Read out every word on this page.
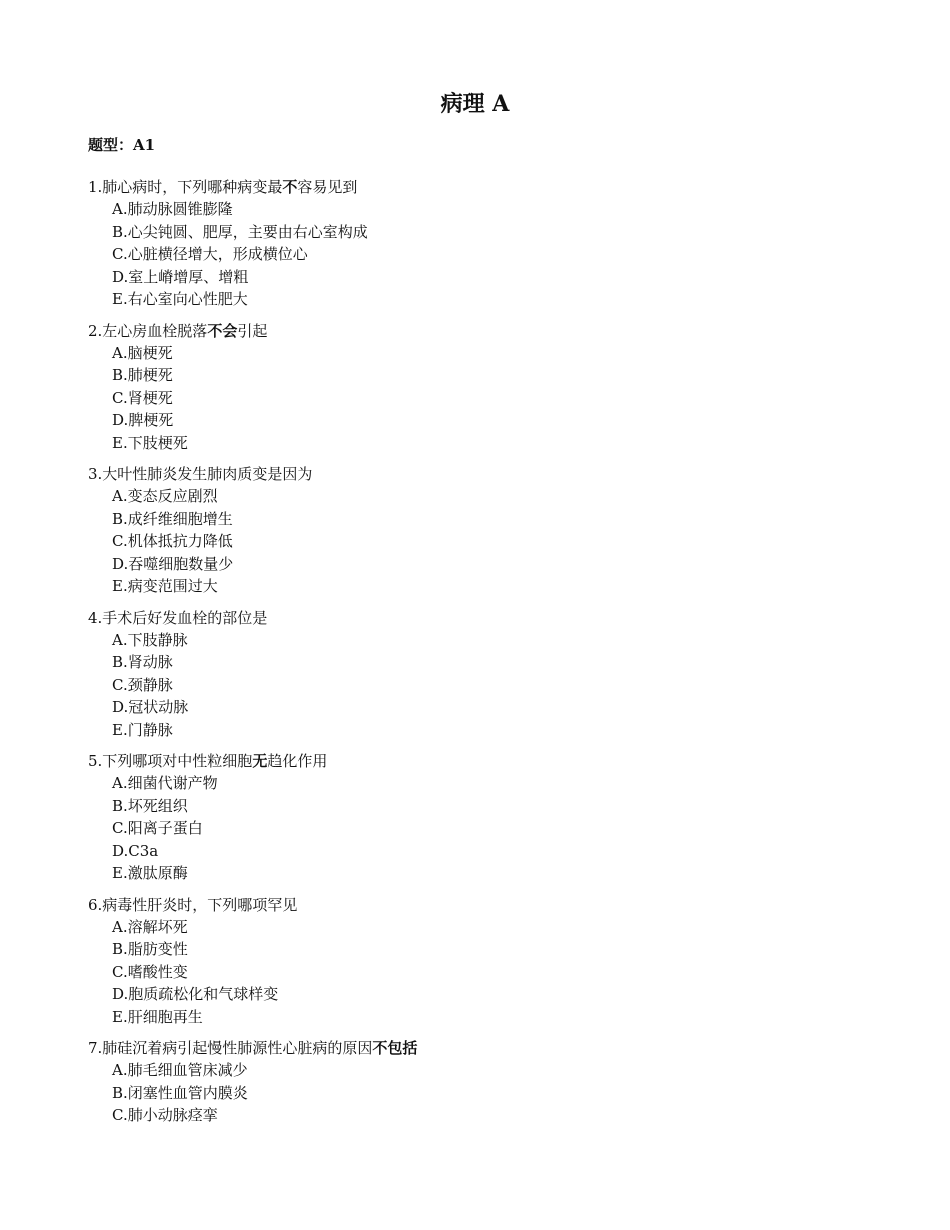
病理 A
题型：A1
1.肺心病时，下列哪种病变最不容易见到
A.肺动脉圆锥膨隆
B.心尖钝圆、肥厚，主要由右心室构成
C.心脏横径增大，形成横位心
D.室上嵴增厚、增粗
E.右心室向心性肥大
2.左心房血栓脱落不会引起
A.脑梗死
B.肺梗死
C.肾梗死
D.脾梗死
E.下肢梗死
3.大叶性肺炎发生肺肉质变是因为
A.变态反应剧烈
B.成纤维细胞增生
C.机体抵抗力降低
D.吞噬细胞数量少
E.病变范围过大
4.手术后好发血栓的部位是
A.下肢静脉
B.肾动脉
C.颈静脉
D.冠状动脉
E.门静脉
5.下列哪项对中性粒细胞无趋化作用
A.细菌代谢产物
B.坏死组织
C.阳离子蛋白
D.C3a
E.激肽原酶
6.病毒性肝炎时，下列哪项罕见
A.溶解坏死
B.脂肪变性
C.嗜酸性变
D.胞质疏松化和气球样变
E.肝细胞再生
7.肺硅沉着病引起慢性肺源性心脏病的原因不包括
A.肺毛细血管床减少
B.闭塞性血管内膜炎
C.肺小动脉痉挛
